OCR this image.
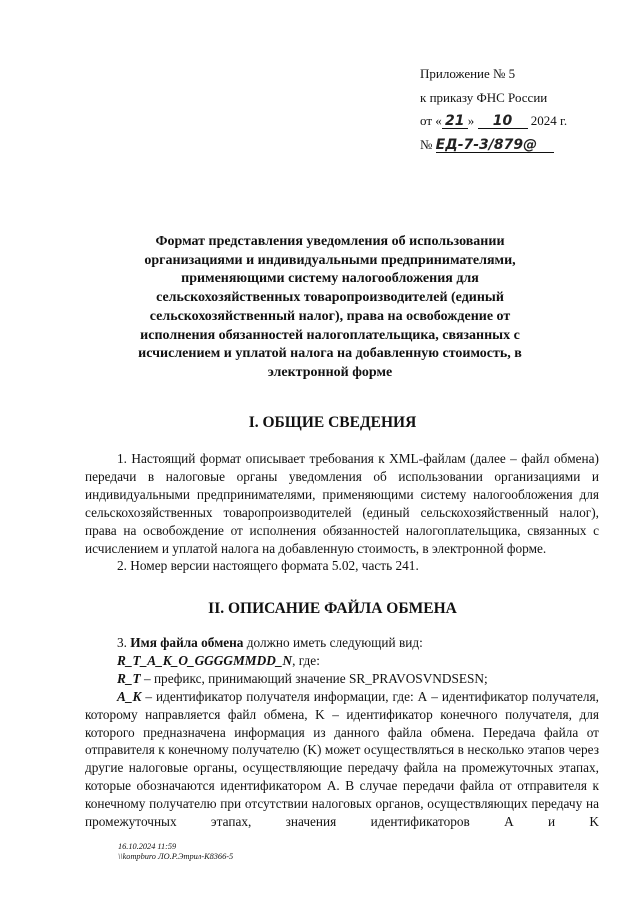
Приложение № 5
к приказу ФНС России
от « 21 » 10 2024 г.
№ ЕД-7-3/879@
Формат представления уведомления об использовании организациями и индивидуальными предпринимателями, применяющими систему налогообложения для сельскохозяйственных товаропроизводителей (единый сельскохозяйственный налог), права на освобождение от исполнения обязанностей налогоплательщика, связанных с исчислением и уплатой налога на добавленную стоимость, в электронной форме
I. ОБЩИЕ СВЕДЕНИЯ

1. Настоящий формат описывает требования к XML-файлам (далее – файл обмена) передачи в налоговые органы уведомления об использовании организациями и индивидуальными предпринимателями, применяющими систему налогообложения для сельскохозяйственных товаропроизводителей (единый сельскохозяйственный налог), права на освобождение от исполнения обязанностей налогоплательщика, связанных с исчислением и уплатой налога на добавленную стоимость, в электронной форме.

2. Номер версии настоящего формата 5.02, часть 241.

II. ОПИСАНИЕ ФАЙЛА ОБМЕНА

3. Имя файла обмена должно иметь следующий вид:

R_T_A_K_O_GGGGMMDD_N, где:

R_T – префикс, принимающий значение SR_PRAVOSVNDSESN;

A_K – идентификатор получателя информации, где: А – идентификатор получателя, которому направляется файл обмена, K – идентификатор конечного получателя, для которого предназначена информация из данного файла обмена. Передача файла от отправителя к конечному получателю (K) может осуществляться в несколько этапов через другие налоговые органы, осуществляющие передачу файла на промежуточных этапах, которые обозначаются идентификатором А. В случае передачи файла от отправителя к конечному получателю при отсутствии налоговых органов, осуществляющих передачу на промежуточных этапах, значения идентификаторов А и K

16.10.2024 11:59
\\kompburo ЛО.Р.Этрил-К8366-5
